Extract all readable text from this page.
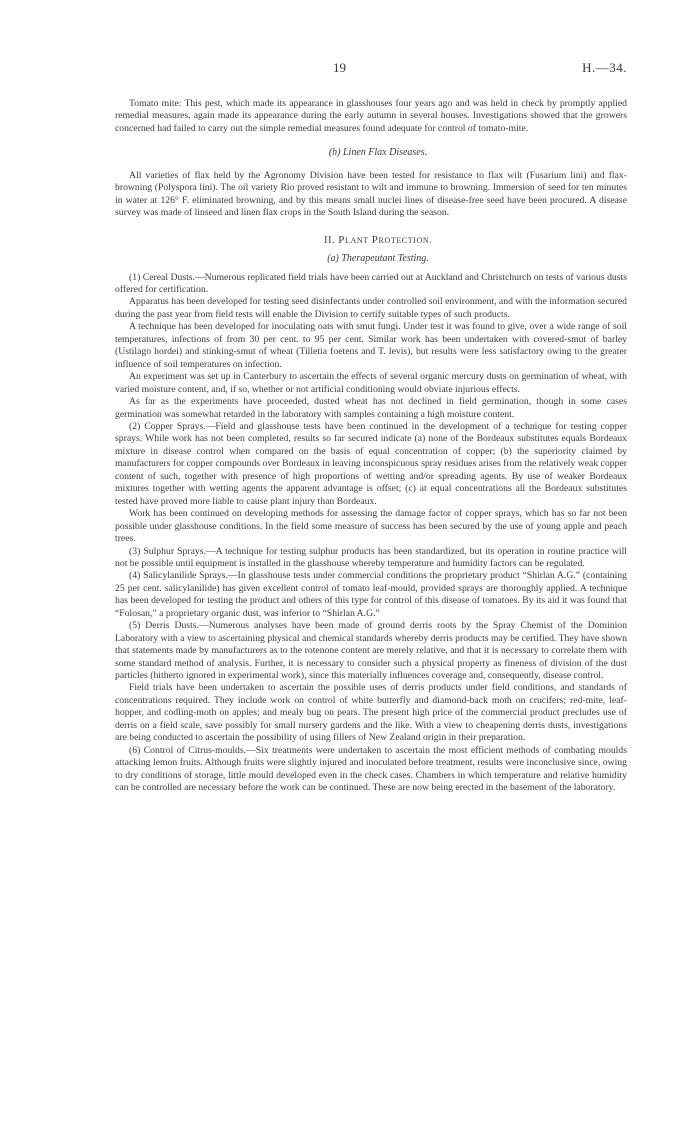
19	H.—34.

Tomato mite: This pest, which made its appearance in glasshouses four years ago and was held in check by promptly applied remedial measures, again made its appearance during the early autumn in several houses. Investigations showed that the growers concerned had failed to carry out the simple remedial measures found adequate for control of tomato-mite.

(h) Linen Flax Diseases.

All varieties of flax held by the Agronomy Division have been tested for resistance to flax wilt (Fusarium lini) and flax-browning (Polyspora lini). The oil variety Rio proved resistant to wilt and immune to browning. Immersion of seed for ten minutes in water at 126° F. eliminated browning, and by this means small nuclei lines of disease-free seed have been procured. A disease survey was made of linseed and linen flax crops in the South Island during the season.

II. PLANT PROTECTION.

(a) Therapeutant Testing.

(1) Cereal Dusts.—Numerous replicated field trials have been carried out at Auckland and Christchurch on tests of various dusts offered for certification.

Apparatus has been developed for testing seed disinfectants under controlled soil environment, and with the information secured during the past year from field tests will enable the Division to certify suitable types of such products.

A technique has been developed for inoculating oats with smut fungi. Under test it was found to give, over a wide range of soil temperatures, infections of from 30 per cent. to 95 per cent. Similar work has been undertaken with covered-smut of barley (Ustilago hordei) and stinking-smut of wheat (Tilletia foetens and T. levis), but results were less satisfactory owing to the greater influence of soil temperatures on infection.

An experiment was set up in Canterbury to ascertain the effects of several organic mercury dusts on germination of wheat, with varied moisture content, and, if so, whether or not artificial conditioning would obviate injurious effects.

As far as the experiments have proceeded, dusted wheat has not declined in field germination, though in some cases germination was somewhat retarded in the laboratory with samples containing a high moisture content.

(2) Copper Sprays.—Field and glasshouse tests have been continued in the development of a technique for testing copper sprays. While work has not been completed, results so far secured indicate (a) none of the Bordeaux substitutes equals Bordeaux mixture in disease control when compared on the basis of equal concentration of copper; (b) the superiority claimed by manufacturers for copper compounds over Bordeaux in leaving inconspicuous spray residues arises from the relatively weak copper content of such, together with presence of high proportions of wetting and/or spreading agents. By use of weaker Bordeaux mixtures together with wetting agents the apparent advantage is offset; (c) at equal concentrations all the Bordeaux substitutes tested have proved more liable to cause plant injury than Bordeaux.

Work has been continued on developing methods for assessing the damage factor of copper sprays, which has so far not been possible under glasshouse conditions. In the field some measure of success has been secured by the use of young apple and peach trees.

(3) Sulphur Sprays.—A technique for testing sulphur products has been standardized, but its operation in routine practice will not be possible until equipment is installed in the glasshouse whereby temperature and humidity factors can be regulated.

(4) Salicylanilide Sprays.—In glasshouse tests under commercial conditions the proprietary product “Shirlan A.G.” (containing 25 per cent. salicylanilide) has given excellent control of tomato leaf-mould, provided sprays are thoroughly applied. A technique has been developed for testing the product and others of this type for control of this disease of tomatoes. By its aid it was found that “Folosan,” a proprietary organic dust, was inferior to “Shirlan A.G.”

(5) Derris Dusts.—Numerous analyses have been made of ground derris roots by the Spray Chemist of the Dominion Laboratory with a view to ascertaining physical and chemical standards whereby derris products may be certified. They have shown that statements made by manufacturers as to the rotenone content are merely relative, and that it is necessary to correlate them with some standard method of analysis. Further, it is necessary to consider such a physical property as fineness of division of the dust particles (hitherto ignored in experimental work), since this materially influences coverage and, consequently, disease control.

Field trials have been undertaken to ascertain the possible uses of derris products under field conditions, and standards of concentrations required. They include work on control of white butterfly and diamond-back moth on crucifers; red-mite, leaf-hopper, and codling-moth on apples; and mealy bug on pears. The present high price of the commercial product precludes use of derris on a field scale, save possibly for small nursery gardens and the like. With a view to cheapening derris dusts, investigations are being conducted to ascertain the possibility of using fillers of New Zealand origin in their preparation.

(6) Control of Citrus-moulds.—Six treatments were undertaken to ascertain the most efficient methods of combating moulds attacking lemon fruits. Although fruits were slightly injured and inoculated before treatment, results were inconclusive since, owing to dry conditions of storage, little mould developed even in the check cases. Chambers in which temperature and relative humidity can be controlled are necessary before the work can be continued. These are now being erected in the basement of the laboratory.
